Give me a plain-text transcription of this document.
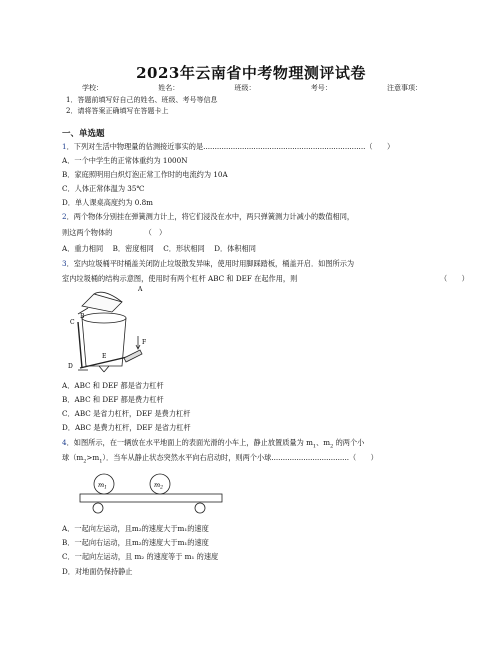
2023年云南省中考物理测评试卷
学校：	姓名：	班级：	考号：	注意事项：
1．答题前填写好自己的姓名、班级、考号等信息
2．请将答案正确填写在答题卡上
一、单选题
1．下列对生活中物理量的估测接近事实的是.......................................................................（　　）
A．一个中学生的正常体重约为 1000N
B．家庭照明用白炽灯泡正常工作时的电流约为 10A
C．人体正常体温为 35℃
D．单人课桌高度约为 0.8m
2．两个物体分别挂在弹簧测力计上，将它们浸没在水中，两只弹簧测力计减小的数值相同，
则这两个物体的　　　　　	（　）
A．重力相同　 B．密度相同　 C．形状相同　 D．体积相同
3．室内垃圾桶平时桶盖关闭防止垃圾散发异味，使用时用脚踩踏板，桶盖开启．如图所示为
室内垃圾桶的结构示意图，使用时有两个杠杆 ABC 和 DEF 在起作用，则	（　　）
A
C
B
F
E
D
A．ABC 和 DEF 都是省力杠杆
B．ABC 和 DEF 都是费力杠杆
C．ABC 是省力杠杆，DEF 是费力杠杆
D．ABC 是费力杠杆，DEF 是省力杠杆
4．如图所示，在一辆放在水平地面上的表面光滑的小车上，静止放置质量为 $m_1$、$m_2$ 的两个小
球$(m_2>m_1)$．当车从静止状态突然水平向右启动时，则两个小球..................................（　　）
$m_1$	$m_2$
A．一起向左运动，且m₂的速度大于m₁的速度
B．一起向右运动，且m₂的速度大于m₁的速度
C．一起向左运动，且 m₂ 的速度等于 m₁ 的速度
D．对地面仍保持静止
